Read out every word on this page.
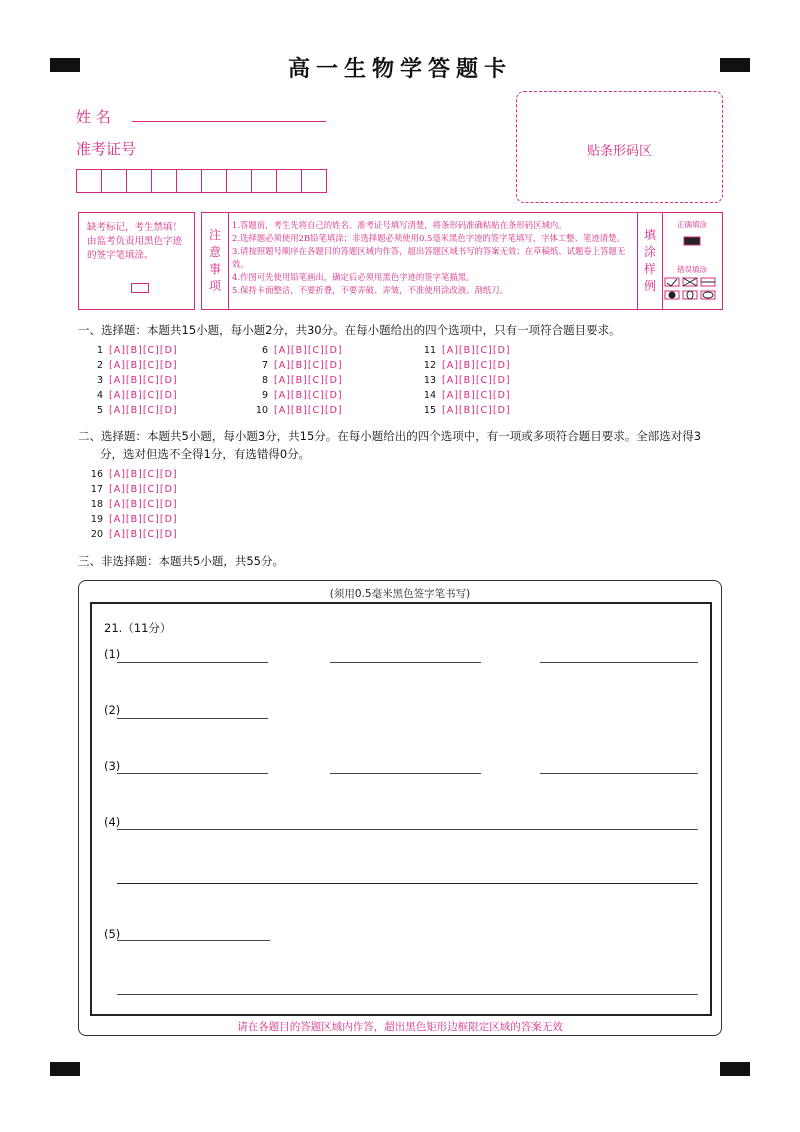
高一生物学答题卡
姓 名
准考证号	贴条形码区
缺考标记，考生禁填！由监考负责用黑色字迹的签字笔填涂。
注
意
事
项
1.答题前，考生先将自己的姓名、准考证号填写清楚，将条形码准确粘贴在条形码区域内。
2.选择题必须使用2B铅笔填涂；非选择题必须使用0.5毫米黑色字迹的签字笔填写，字体工整、笔迹清楚。
3.请按照题号顺序在各题目的答题区域内作答，超出答题区域书写的答案无效；在草稿纸、试题卷上答题无效。
4.作图可先使用铅笔画出，确定后必须用黑色字迹的签字笔描黑。
5.保持卡面整洁，不要折叠，不要弄破、弄皱，不准使用涂改液、刮纸刀。
填
涂
样
例
正确填涂
错误填涂
一、选择题：本题共15小题，每小题2分，共30分。在每小题给出的四个选项中，只有一项符合题目要求。
1 [A][B][C][D]
2 [A][B][C][D]
3 [A][B][C][D]
4 [A][B][C][D]
5 [A][B][C][D]
6 [A][B][C][D]
7 [A][B][C][D]
8 [A][B][C][D]
9 [A][B][C][D]
10 [A][B][C][D]
11 [A][B][C][D]
12 [A][B][C][D]
13 [A][B][C][D]
14 [A][B][C][D]
15 [A][B][C][D]
二、选择题：本题共5小题，每小题3分，共15分。在每小题给出的四个选项中，有一项或多项符合题目要求。全部选对得3
分，选对但选不全得1分，有选错得0分。
16 [A][B][C][D]
17 [A][B][C][D]
18 [A][B][C][D]
19 [A][B][C][D]
20 [A][B][C][D]
三、非选择题：本题共5小题，共55分。
(须用0.5毫米黑色签字笔书写)
21.（11分）
(1)
(2)
(3)
(4)
(5)
请在各题目的答题区域内作答，超出黑色矩形边框限定区域的答案无效
